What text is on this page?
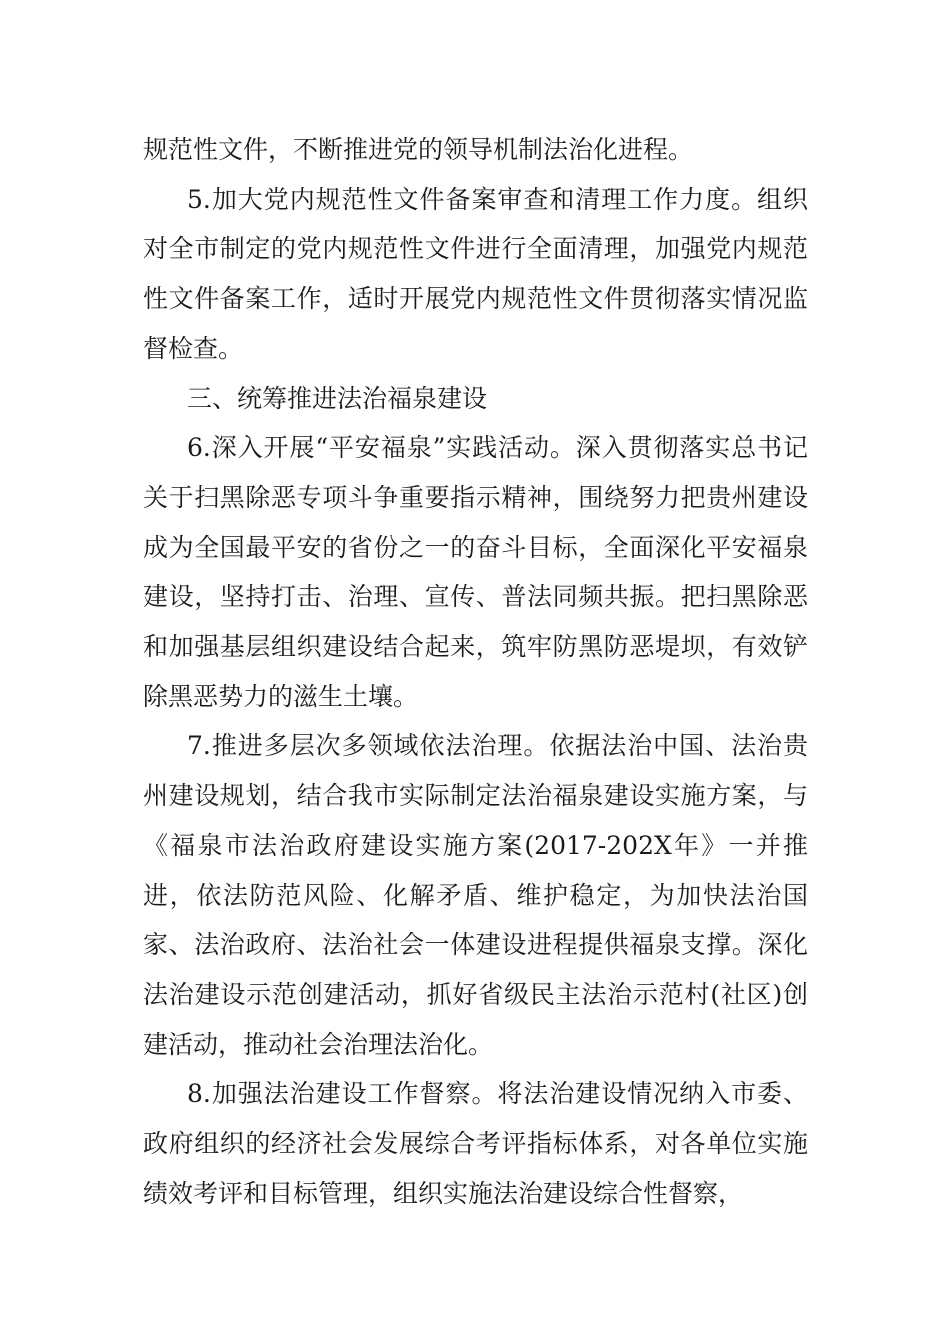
规范性文件，不断推进党的领导机制法治化进程。

5.加大党内规范性文件备案审查和清理工作力度。组织对全市制定的党内规范性文件进行全面清理，加强党内规范性文件备案工作，适时开展党内规范性文件贯彻落实情况监督检查。

三、统筹推进法治福泉建设

6.深入开展“平安福泉”实践活动。深入贯彻落实总书记关于扫黑除恶专项斗争重要指示精神，围绕努力把贵州建设成为全国最平安的省份之一的奋斗目标，全面深化平安福泉建设，坚持打击、治理、宣传、普法同频共振。把扫黑除恶和加强基层组织建设结合起来，筑牢防黑防恶堤坝，有效铲除黑恶势力的滋生土壤。

7.推进多层次多领域依法治理。依据法治中国、法治贵州建设规划，结合我市实际制定法治福泉建设实施方案，与《福泉市法治政府建设实施方案(2017-202X年》一并推进，依法防范风险、化解矛盾、维护稳定，为加快法治国家、法治政府、法治社会一体建设进程提供福泉支撑。深化法治建设示范创建活动，抓好省级民主法治示范村(社区)创建活动，推动社会治理法治化。

8.加强法治建设工作督察。将法治建设情况纳入市委、政府组织的经济社会发展综合考评指标体系，对各单位实施绩效考评和目标管理，组织实施法治建设综合性督察，
